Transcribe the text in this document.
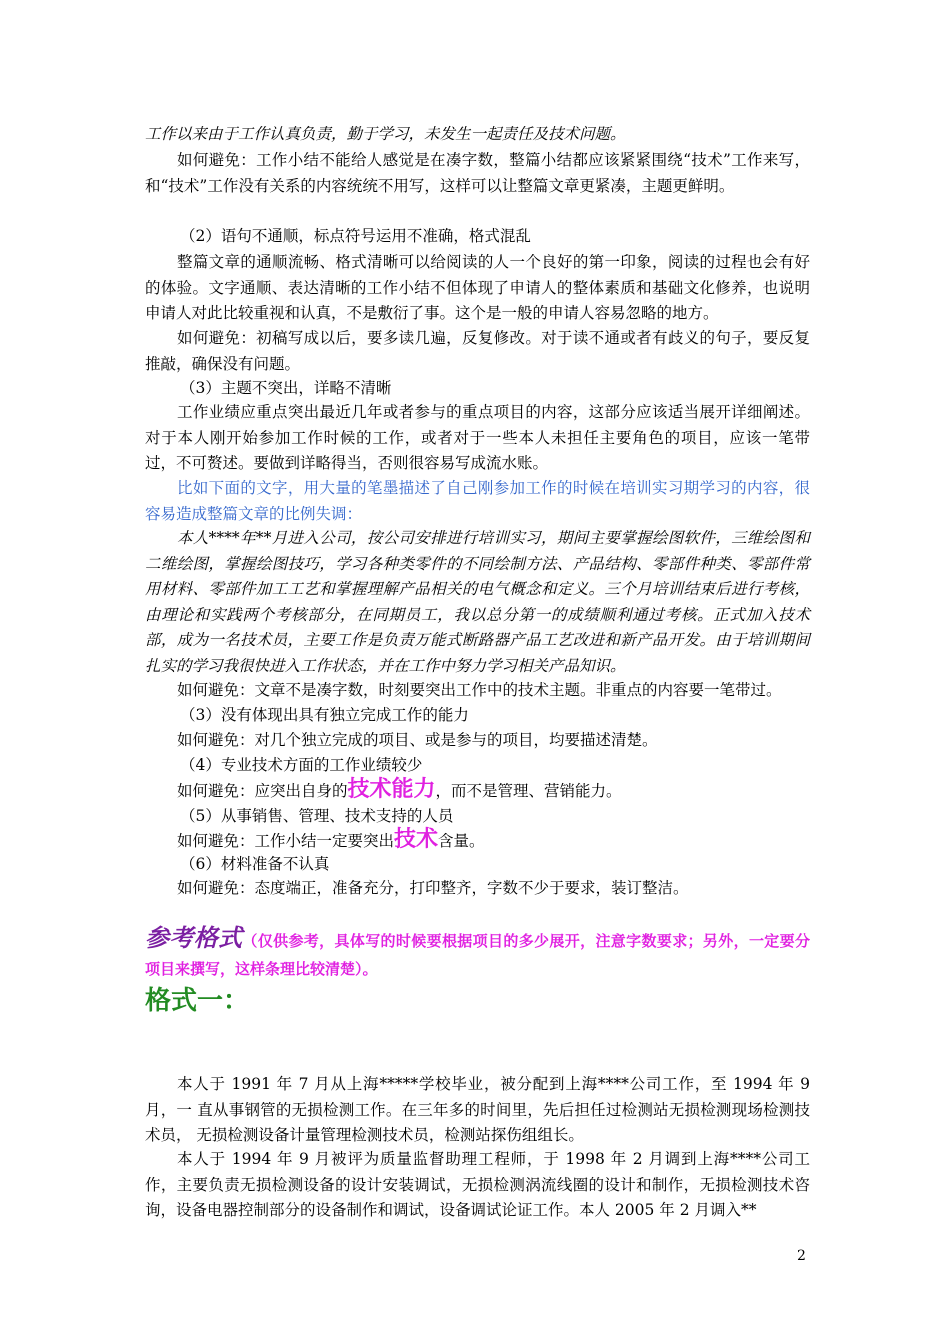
工作以来由于工作认真负责，勤于学习，未发生一起责任及技术问题。

如何避免：工作小结不能给人感觉是在凑字数，整篇小结都应该紧紧围绕“技术”工作来写，和“技术”工作没有关系的内容统统不用写，这样可以让整篇文章更紧凑，主题更鲜明。

（2）语句不通顺，标点符号运用不准确，格式混乱

整篇文章的通顺流畅、格式清晰可以给阅读的人一个良好的第一印象，阅读的过程也会有好的体验。文字通顺、表达清晰的工作小结不但体现了申请人的整体素质和基础文化修养，也说明申请人对此比较重视和认真，不是敷衍了事。这个是一般的申请人容易忽略的地方。

如何避免：初稿写成以后，要多读几遍，反复修改。对于读不通或者有歧义的句子，要反复推敲，确保没有问题。

（3）主题不突出，详略不清晰

工作业绩应重点突出最近几年或者参与的重点项目的内容，这部分应该适当展开详细阐述。对于本人刚开始参加工作时候的工作，或者对于一些本人未担任主要角色的项目，应该一笔带过，不可赘述。要做到详略得当，否则很容易写成流水账。

比如下面的文字，用大量的笔墨描述了自己刚参加工作的时候在培训实习期学习的内容，很容易造成整篇文章的比例失调：

本人****年**月进入公司，按公司安排进行培训实习，期间主要掌握绘图软件，三维绘图和二维绘图，掌握绘图技巧，学习各种类零件的不同绘制方法、产品结构、零部件种类、零部件常用材料、零部件加工工艺和掌握理解产品相关的电气概念和定义。三个月培训结束后进行考核，由理论和实践两个考核部分，在同期员工，我以总分第一的成绩顺利通过考核。正式加入技术部，成为一名技术员，主要工作是负责万能式断路器产品工艺改进和新产品开发。由于培训期间扎实的学习我很快进入工作状态，并在工作中努力学习相关产品知识。

如何避免：文章不是凑字数，时刻要突出工作中的技术主题。非重点的内容要一笔带过。

（3）没有体现出具有独立完成工作的能力

如何避免：对几个独立完成的项目、或是参与的项目，均要描述清楚。

（4）专业技术方面的工作业绩较少

如何避免：应突出自身的技术能力，而不是管理、营销能力。

（5）从事销售、管理、技术支持的人员

如何避免：工作小结一定要突出技术含量。

（6）材料准备不认真

如何避免：态度端正，准备充分，打印整齐，字数不少于要求，装订整洁。

参考格式（仅供参考，具体写的时候要根据项目的多少展开，注意字数要求；另外，一定要分项目来撰写，这样条理比较清楚）。

格式一：

本人于 1991 年 7 月从上海*****学校毕业，被分配到上海****公司工作，至 1994 年 9 月，一 直从事钢管的无损检测工作。在三年多的时间里，先后担任过检测站无损检测现场检测技术员， 无损检测设备计量管理检测技术员，检测站探伤组组长。

本人于 1994 年 9 月被评为质量监督助理工程师，于 1998 年 2 月调到上海****公司工作，主要负责无损检测设备的设计安装调试，无损检测涡流线圈的设计和制作，无损检测技术咨询，设备电器控制部分的设备制作和调试，设备调试论证工作。本人 2005 年 2 月调入**

2
